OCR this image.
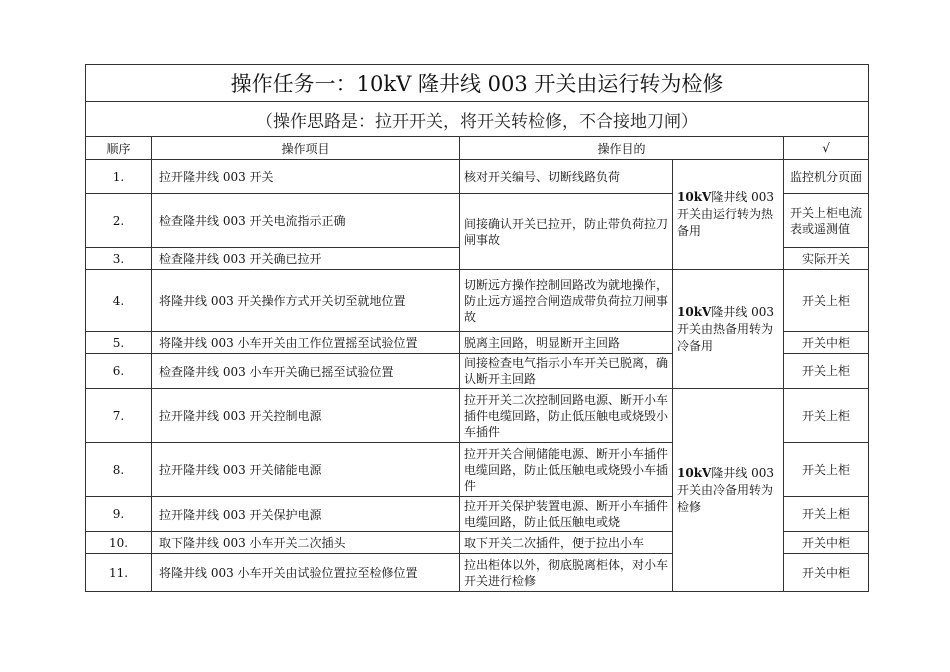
操作任务一：10kV 隆井线 003 开关由运行转为检修				
（操作思路是：拉开开关，将开关转检修，不合接地刀闸）				
顺序	操作项目	操作目的		√
1.	拉开隆井线 003 开关	核对开关编号、切断线路负荷	10kV隆井线 003 开关由运行转为热备用	监控机分页面
2.	检查隆井线 003 开关电流指示正确	间接确认开关已拉开，防止带负荷拉刀闸事故		开关上柜电流表或遥测值
3.	检查隆井线 003 开关确已拉开			实际开关
4.	将隆井线 003 开关操作方式开关切至就地位置	切断远方操作控制回路改为就地操作，防止远方遥控合闸造成带负荷拉刀闸事故	10kV隆井线 003 开关由热备用转为冷备用	开关上柜
5.	将隆井线 003 小车开关由工作位置摇至试验位置	脱离主回路，明显断开主回路		开关中柜
6.	检查隆井线 003 小车开关确已摇至试验位置	间接检查电气指示小车开关已脱离，确认断开主回路		开关上柜
7.	拉开隆井线 003 开关控制电源	拉开开关二次控制回路电源、断开小车插件电缆回路，防止低压触电或烧毁小车插件	10kV隆井线 003 开关由冷备用转为检修	开关上柜
8.	拉开隆井线 003 开关储能电源	拉开开关合闸储能电源、断开小车插件电缆回路，防止低压触电或烧毁小车插件		开关上柜
9.	拉开隆井线 003 开关保护电源	拉开开关保护装置电源、断开小车插件电缆回路，防止低压触电或烧		开关上柜
10.	取下隆井线 003 小车开关二次插头	取下开关二次插件，便于拉出小车		开关中柜
11.	将隆井线 003 小车开关由试验位置拉至检修位置	拉出柜体以外，彻底脱离柜体，对小车开关进行检修		开关中柜
